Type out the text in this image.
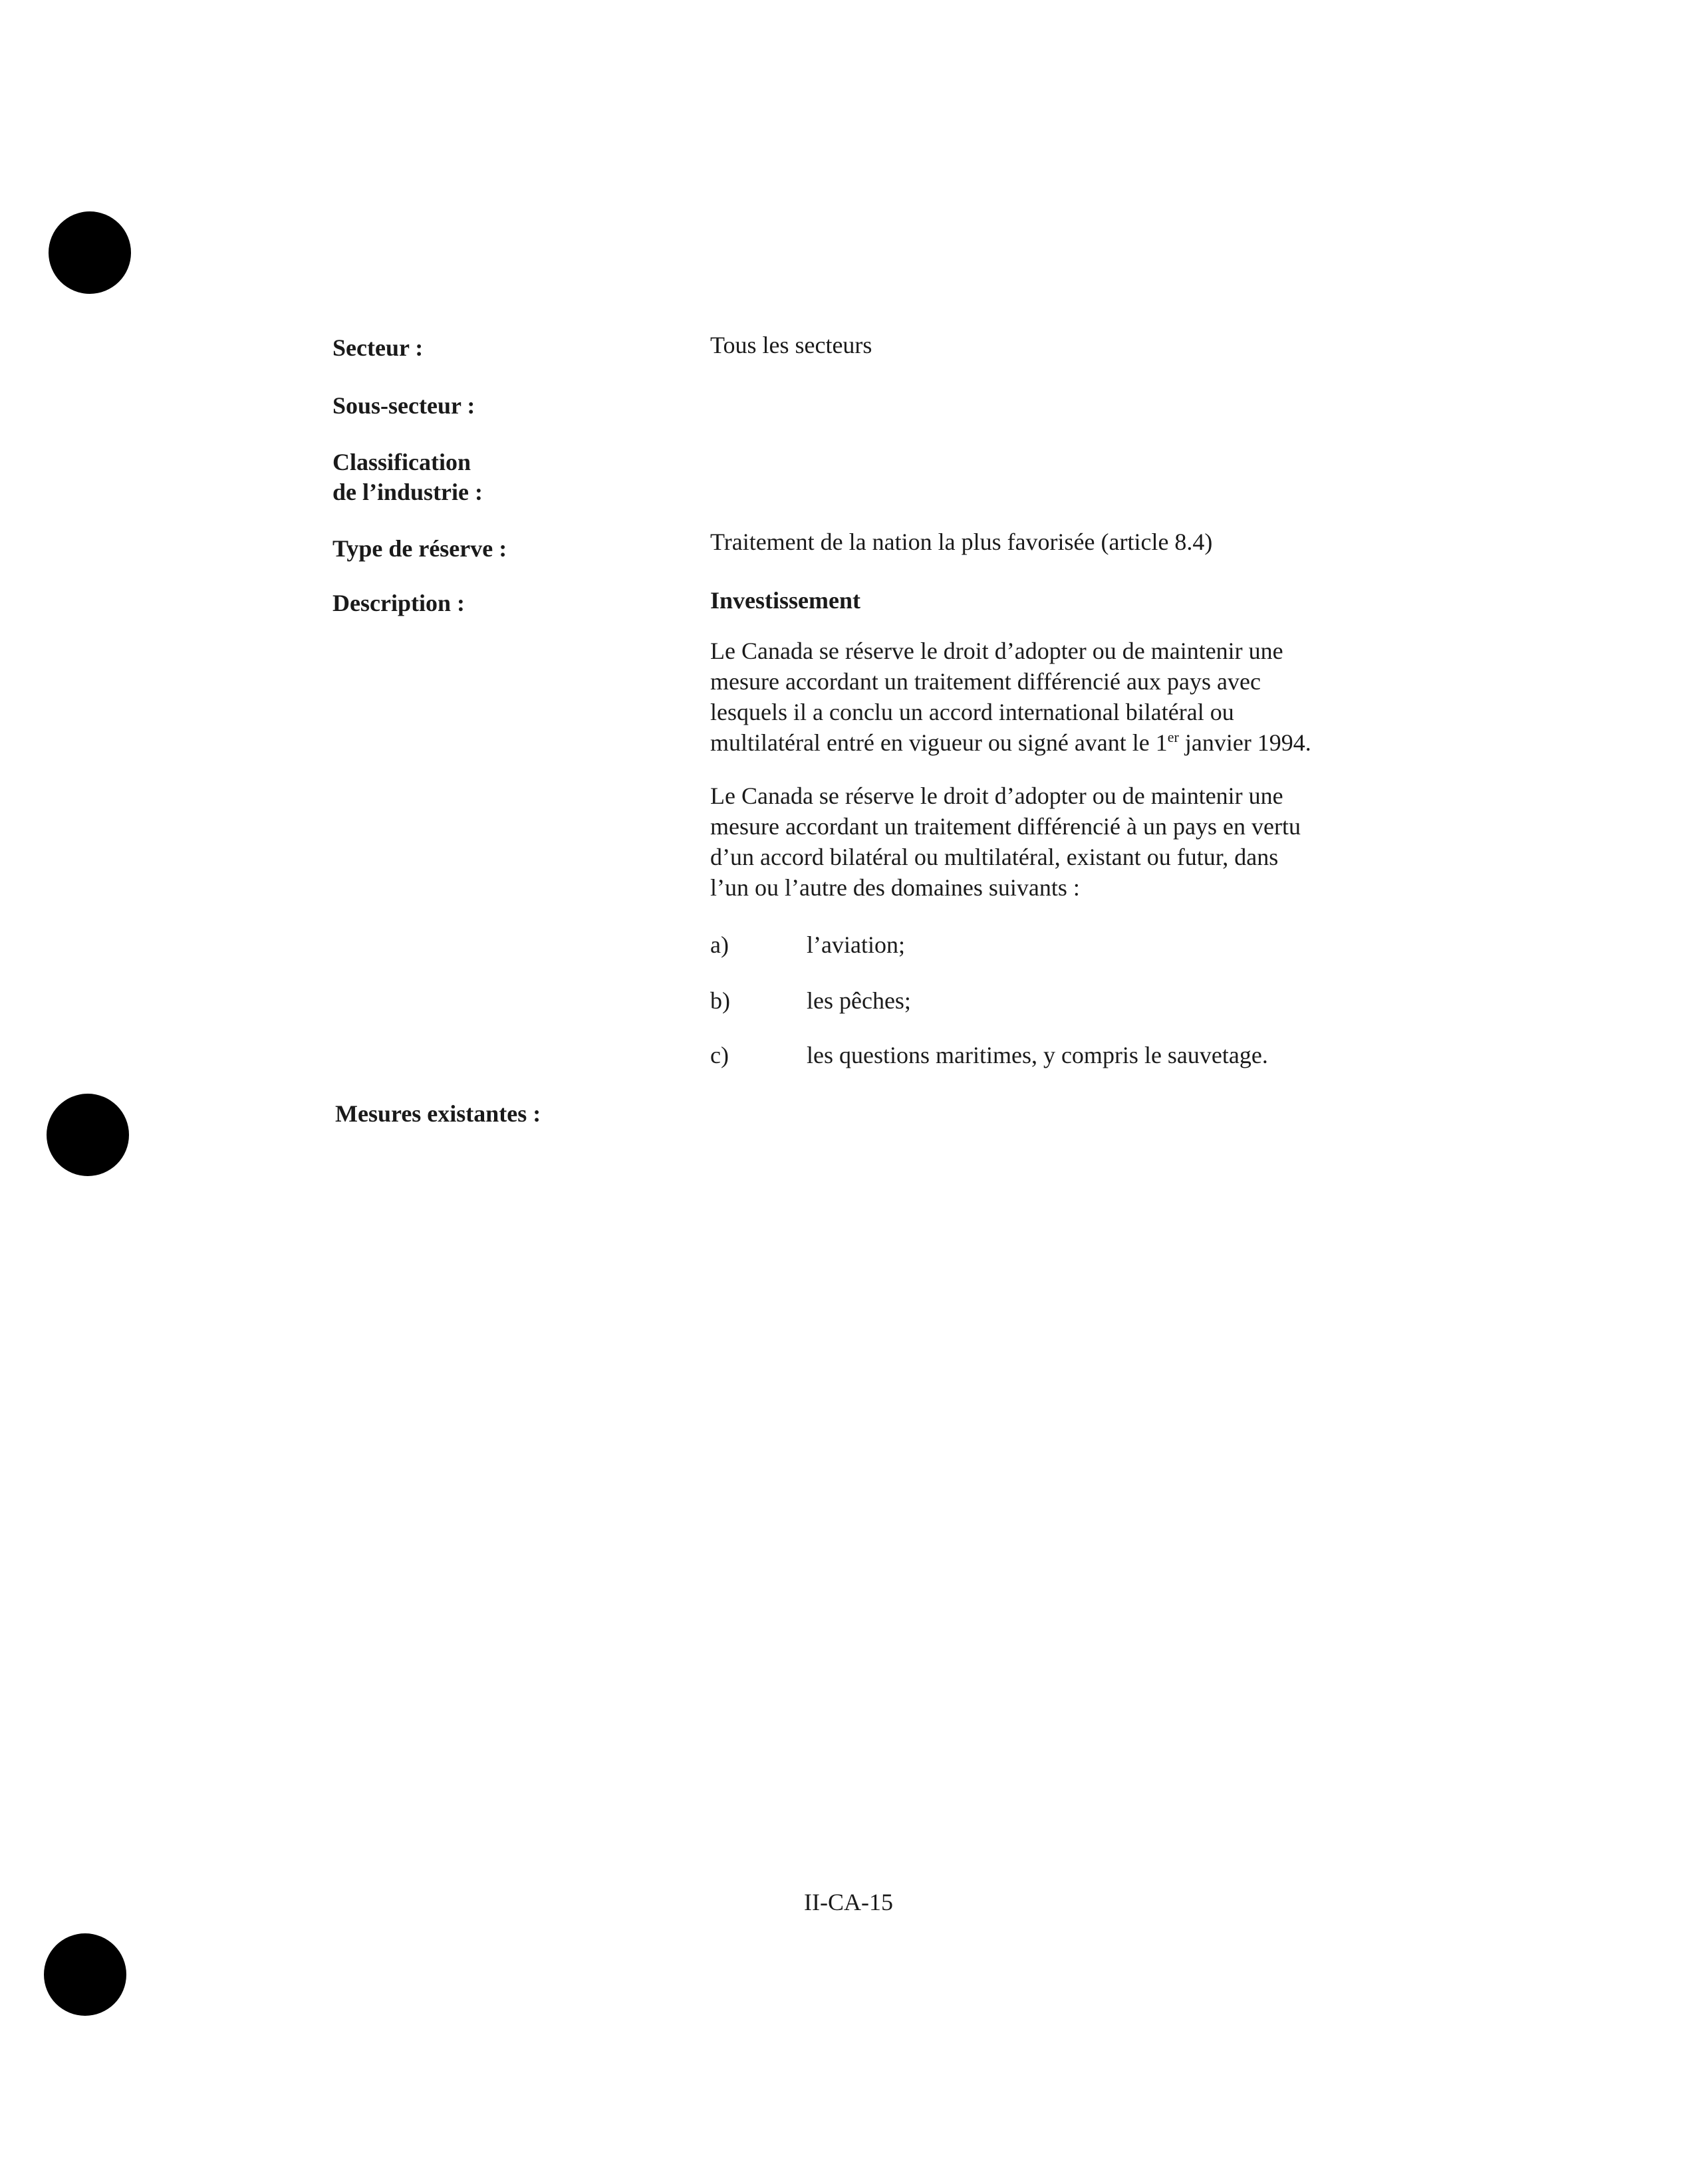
Secteur :	Tous les secteurs
Sous-secteur :
Classification
de l’industrie :
Type de réserve :	Traitement de la nation la plus favorisée (article 8.4)
Description :	Investissement

Le Canada se réserve le droit d’adopter ou de maintenir une

mesure accordant un traitement différencié aux pays avec

lesquels il a conclu un accord international bilatéral ou

multilatéral entré en vigueur ou signé avant le 1er janvier 1994.

Le Canada se réserve le droit d’adopter ou de maintenir une

mesure accordant un traitement différencié à un pays en vertu

d’un accord bilatéral ou multilatéral, existant ou futur, dans

l’un ou l’autre des domaines suivants :

a)	l’aviation;
b)	les pêches;
c)	les questions maritimes, y compris le sauvetage.
Mesures existantes :
II-CA-15
